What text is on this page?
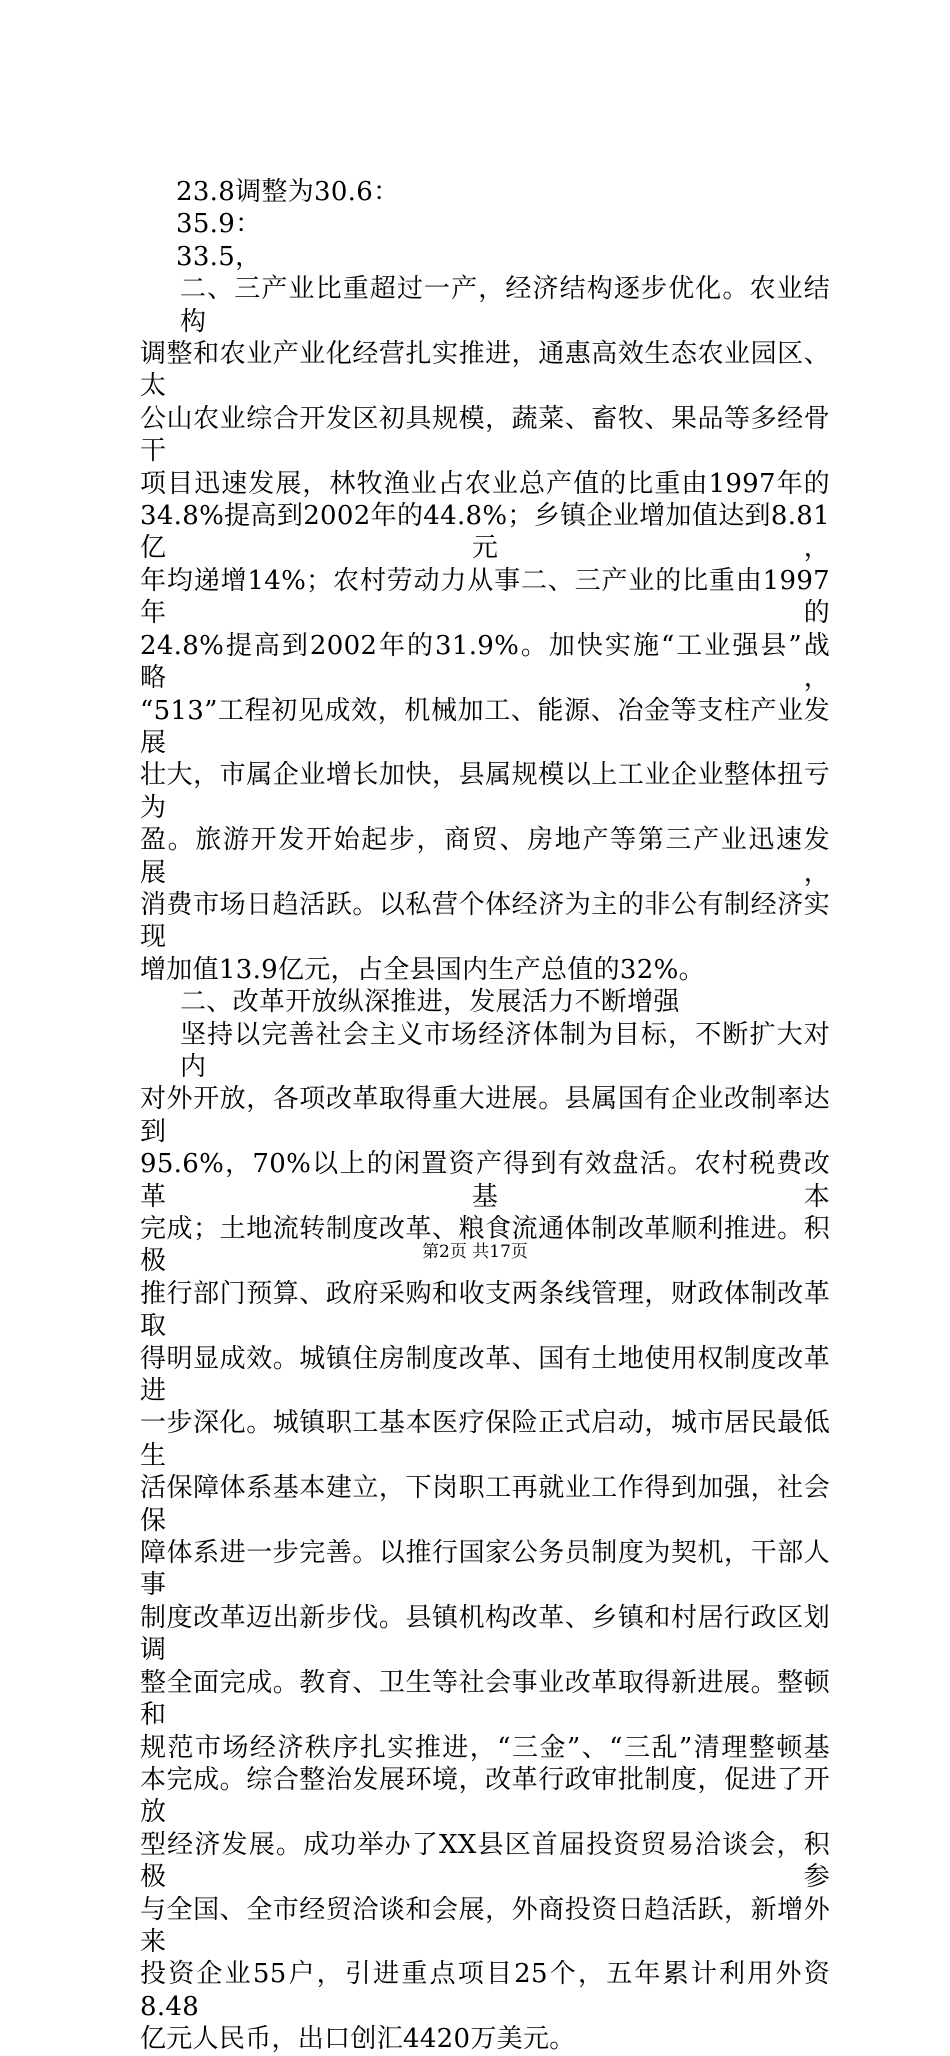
23.8调整为30.6：
35.9：
33.5，
二、三产业比重超过一产，经济结构逐步优化。农业结构
调整和农业产业化经营扎实推进，通惠高效生态农业园区、太
公山农业综合开发区初具规模，蔬菜、畜牧、果品等多经骨干
项目迅速发展，林牧渔业占农业总产值的比重由1997年的
34.8%提高到2002年的44.8%；乡镇企业增加值达到8.81亿元，
年均递增14%；农村劳动力从事二、三产业的比重由1997年的
24.8%提高到2002年的31.9%。加快实施“工业强县”战略，
“513”工程初见成效，机械加工、能源、冶金等支柱产业发展
壮大，市属企业增长加快，县属规模以上工业企业整体扭亏为
盈。旅游开发开始起步，商贸、房地产等第三产业迅速发展，
消费市场日趋活跃。以私营个体经济为主的非公有制经济实现
增加值13.9亿元，占全县国内生产总值的32%。
二、改革开放纵深推进，发展活力不断增强
坚持以完善社会主义市场经济体制为目标，不断扩大对内
对外开放，各项改革取得重大进展。县属国有企业改制率达到
95.6%，70%以上的闲置资产得到有效盘活。农村税费改革基本
完成；土地流转制度改革、粮食流通体制改革顺利推进。积极
推行部门预算、政府采购和收支两条线管理，财政体制改革取
得明显成效。城镇住房制度改革、国有土地使用权制度改革进
一步深化。城镇职工基本医疗保险正式启动，城市居民最低生
活保障体系基本建立，下岗职工再就业工作得到加强，社会保
障体系进一步完善。以推行国家公务员制度为契机，干部人事
制度改革迈出新步伐。县镇机构改革、乡镇和村居行政区划调
整全面完成。教育、卫生等社会事业改革取得新进展。整顿和
规范市场经济秩序扎实推进，“三金”、“三乱”清理整顿基
本完成。综合整治发展环境，改革行政审批制度，促进了开放
型经济发展。成功举办了XX县区首届投资贸易洽谈会，积极参
与全国、全市经贸洽谈和会展，外商投资日趋活跃，新增外来
投资企业55户，引进重点项目25个，五年累计利用外资8.48
亿元人民币，出口创汇4420万美元。
第2页 共17页
